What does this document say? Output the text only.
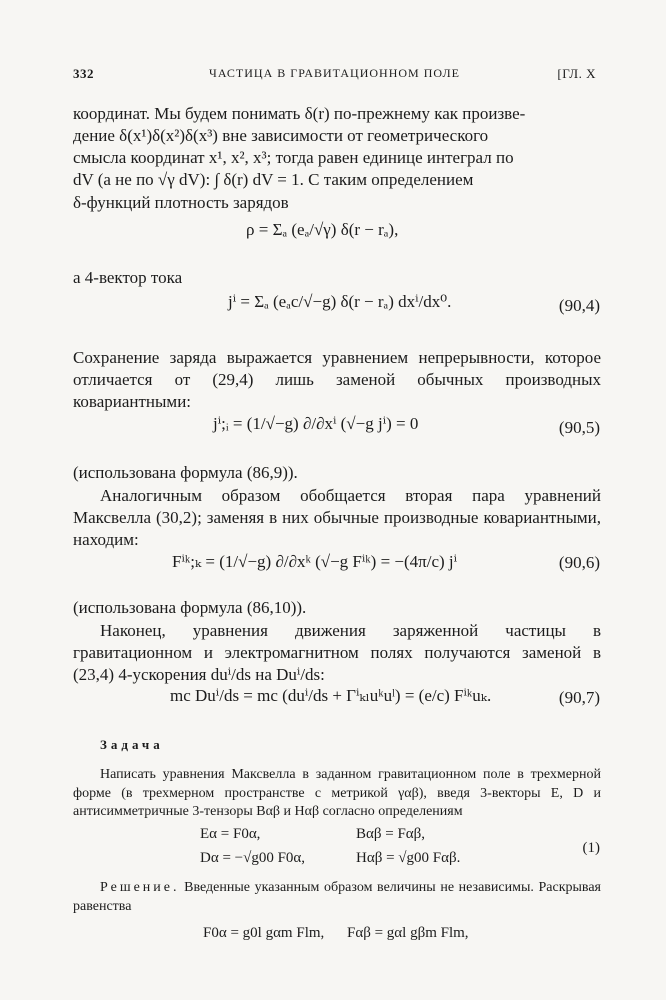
332	ЧАСТИЦА В ГРАВИТАЦИОННОМ ПОЛЕ	[ГЛ. X
координат. Мы будем понимать δ(r) по-прежнему как произве-
дение δ(x¹)δ(x²)δ(x³) вне зависимости от геометрического
смысла координат x¹, x², x³; тогда равен единице интеграл по
dV (а не по √γ dV): ∫ δ(r) dV = 1. С таким определением
δ-функций плотность зарядов
ρ = Σₐ (eₐ/√γ) δ(r − rₐ),
а 4-вектор тока
jⁱ = Σₐ (eₐc/√−g) δ(r − rₐ) dxⁱ/dx⁰.	(90,4)
Сохранение заряда выражается уравнением непрерывности, которое отличается от (29,4) лишь заменой обычных производных ковариантными:
jⁱ;ᵢ = (1/√−g) ∂/∂xⁱ (√−g jⁱ) = 0	(90,5)
(использована формула (86,9)).
Аналогичным образом обобщается вторая пара уравнений Максвелла (30,2); заменяя в них обычные производные ковариантными, находим:
Fⁱᵏ;ₖ = (1/√−g) ∂/∂xᵏ (√−g Fⁱᵏ) = −(4π/c) jⁱ	(90,6)
(использована формула (86,10)).
Наконец, уравнения движения заряженной частицы в гравитационном и электромагнитном полях получаются заменой в (23,4) 4-ускорения duⁱ/ds на Duⁱ/ds:
mc Duⁱ/ds = mc (duⁱ/ds + Γⁱₖₗuᵏuˡ) = (e/c) Fⁱᵏuₖ.	(90,7)
Задача
Написать уравнения Максвелла в заданном гравитационном поле в трехмерной форме (в трехмерном пространстве с метрикой γαβ), введя 3-векторы E, D и антисимметричные 3-тензоры Bαβ и Hαβ согласно определениям
Eα = F0α,	Bαβ = Fαβ,
Dα = −√g00 F0α,	Hαβ = √g00 Fαβ.
(1)
Решение. Введенные указанным образом величины не независимы. Раскрывая равенства
F0α = g0l gαm Flm, Fαβ = gαl gβm Flm,
